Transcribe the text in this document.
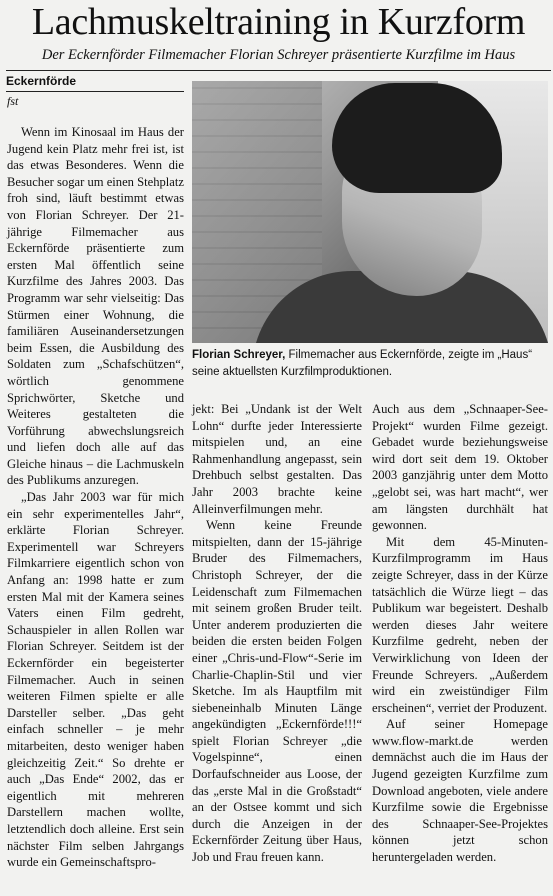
Lachmuskeltraining in Kurzform
Der Eckernförder Filmemacher Florian Schreyer präsentierte Kurzfilme im Haus
Eckernförde
fst
Florian Schreyer, Filmemacher aus Eckernförde, zeigte im „Haus“ seine aktuellsten Kurzfilmproduktionen.

Wenn im Kinosaal im Haus der Jugend kein Platz mehr frei ist, ist das etwas Besonderes. Wenn die Besucher sogar um einen Stehplatz froh sind, läuft bestimmt etwas von Florian Schreyer. Der 21-jährige Filmemacher aus Eckernförde präsentierte zum ersten Mal öffentlich seine Kurzfilme des Jahres 2003. Das Programm war sehr vielseitig: Das Stürmen einer Wohnung, die familiären Auseinandersetzungen beim Essen, die Ausbildung des Soldaten zum „Schafschützen“, wörtlich genommene Sprichwörter, Sketche und Weiteres gestalteten die Vorführung abwechslungsreich und liefen doch alle auf das Gleiche hinaus – die Lachmuskeln des Publikums anzuregen.

„Das Jahr 2003 war für mich ein sehr experimentelles Jahr“, erklärte Florian Schreyer. Experimentell war Schreyers Filmkarriere eigentlich schon von Anfang an: 1998 hatte er zum ersten Mal mit der Kamera seines Vaters einen Film gedreht, Schauspieler in allen Rollen war Florian Schreyer. Seitdem ist der Eckernförder ein begeisterter Filmemacher. Auch in seinen weiteren Filmen spielte er alle Darsteller selber. „Das geht einfach schneller – je mehr mitarbeiten, desto weniger haben gleichzeitig Zeit.“ So drehte er auch „Das Ende“ 2002, das er eigentlich mit mehreren Darstellern machen wollte, letztendlich doch alleine. Erst sein nächster Film selben Jahrgangs wurde ein Gemeinschaftspro-

jekt: Bei „Undank ist der Welt Lohn“ durfte jeder Interessierte mitspielen und, an eine Rahmenhandlung angepasst, sein Drehbuch selbst gestalten. Das Jahr 2003 brachte keine Alleinverfilmungen mehr.

Wenn keine Freunde mitspielten, dann der 15-jährige Bruder des Filmemachers, Christoph Schreyer, der die Leidenschaft zum Filmemachen mit seinem großen Bruder teilt. Unter anderem produzierten die beiden die ersten beiden Folgen einer „Chris-und-Flow“-Serie im Charlie-Chaplin-Stil und vier Sketche. Im als Hauptfilm mit siebeneinhalb Minuten Länge angekündigten „Eckernförde!!!“ spielt Florian Schreyer „die Vogelspinne“, einen Dorfaufschneider aus Loose, der das „erste Mal in die Großstadt“ an der Ostsee kommt und sich durch die Anzeigen in der Eckernförder Zeitung über Haus, Job und Frau freuen kann.

Auch aus dem „Schnaaper-See-Projekt“ wurden Filme gezeigt. Gebadet wurde beziehungsweise wird dort seit dem 19. Oktober 2003 ganzjährig unter dem Motto „gelobt sei, was hart macht“, wer am längsten durchhält hat gewonnen.

Mit dem 45-Minuten-Kurzfilmprogramm im Haus zeigte Schreyer, dass in der Kürze tatsächlich die Würze liegt – das Publikum war begeistert. Deshalb werden dieses Jahr weitere Kurzfilme gedreht, neben der Verwirklichung von Ideen der Freunde Schreyers. „Außerdem wird ein zweistündiger Film erscheinen“, verriet der Produzent.

Auf seiner Homepage www.flow-markt.de werden demnächst auch die im Haus der Jugend gezeigten Kurzfilme zum Download angeboten, viele andere Kurzfilme sowie die Ergebnisse des Schnaaper-See-Projektes können jetzt schon heruntergeladen werden.
